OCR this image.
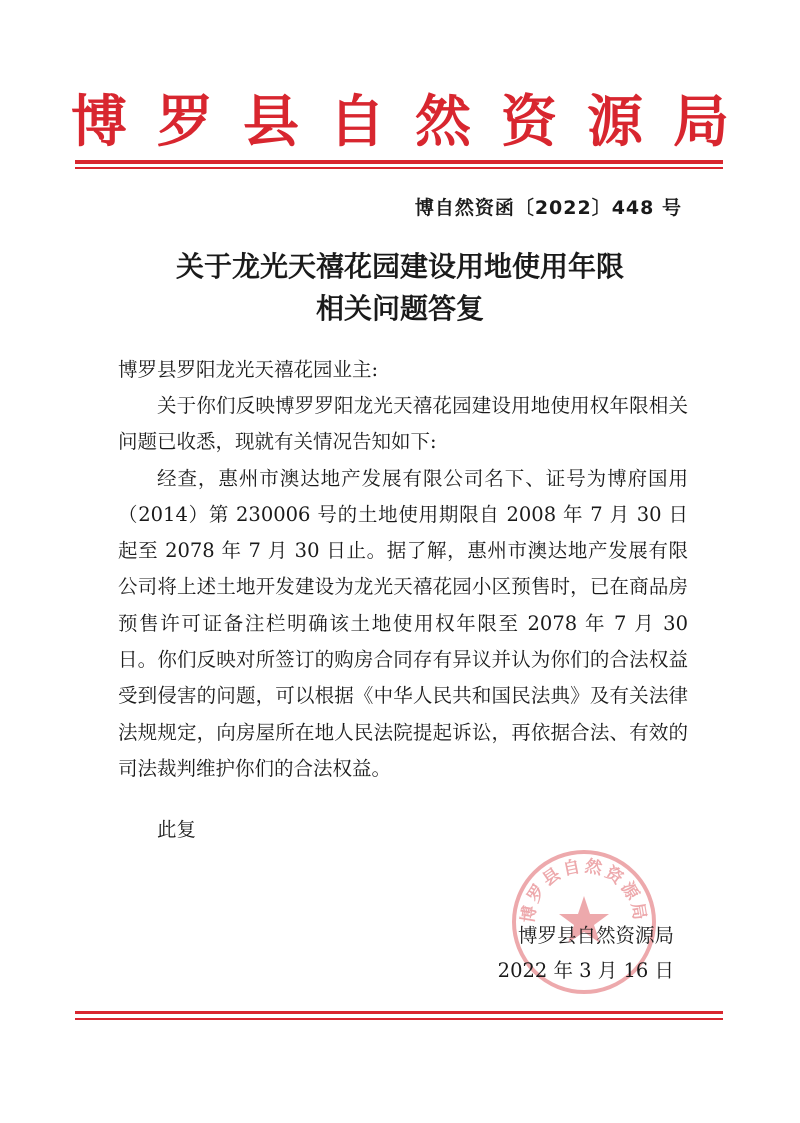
博罗县自然资源局
博自然资函〔2022〕448 号
关于龙光天禧花园建设用地使用年限
相关问题答复
博罗县罗阳龙光天禧花园业主:

关于你们反映博罗罗阳龙光天禧花园建设用地使用权年限相关问题已收悉，现就有关情况告知如下:

经查，惠州市澳达地产发展有限公司名下、证号为博府国用（2014）第 230006 号的土地使用期限自 2008 年 7 月 30 日起至 2078 年 7 月 30 日止。据了解，惠州市澳达地产发展有限公司将上述土地开发建设为龙光天禧花园小区预售时，已在商品房预售许可证备注栏明确该土地使用权年限至 2078 年 7 月 30 日。你们反映对所签订的购房合同存有异议并认为你们的合法权益受到侵害的问题，可以根据《中华人民共和国民法典》及有关法律法规规定，向房屋所在地人民法院提起诉讼，再依据合法、有效的司法裁判维护你们的合法权益。

此复
博罗县自然资源局
博罗县自然资源局
2022 年 3 月 16 日
